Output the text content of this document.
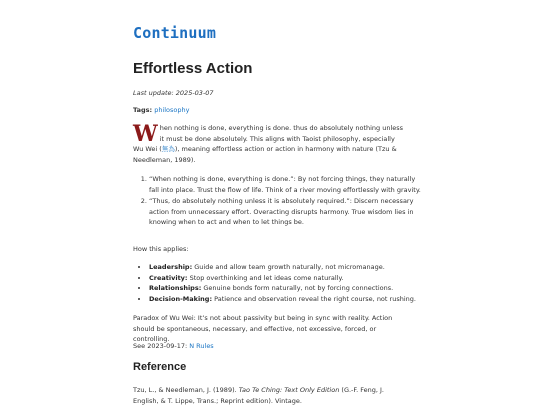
Continuum
Effortless Action
Last update: 2025-03-07
Tags: philosophy

When nothing is done, everything is done. thus do absolutely nothing unless it must be done absolutely. This aligns with Taoist philosophy, especially Wu Wei (無為), meaning effortless action or action in harmony with nature (Tzu & Needleman, 1989).

1. “When nothing is done, everything is done.”: By not forcing things, they naturally fall into place. Trust the flow of life. Think of a river moving effortlessly with gravity.
2. “Thus, do absolutely nothing unless it is absolutely required.”: Discern necessary action from unnecessary effort. Overacting disrupts harmony. True wisdom lies in knowing when to act and when to let things be.

How this applies:

• Leadership: Guide and allow team growth naturally, not micromanage.
• Creativity: Stop overthinking and let ideas come naturally.
• Relationships: Genuine bonds form naturally, not by forcing connections.
• Decision-Making: Patience and observation reveal the right course, not rushing.

Paradox of Wu Wei: It’s not about passivity but being in sync with reality. Action should be spontaneous, necessary, and effective, not excessive, forced, or controlling.

See 2023-09-17: N Rules

Reference

Tzu, L., & Needleman, J. (1989). Tao Te Ching: Text Only Edition (G.-F. Feng, J. English, & T. Lippe, Trans.; Reprint edition). Vintage.
